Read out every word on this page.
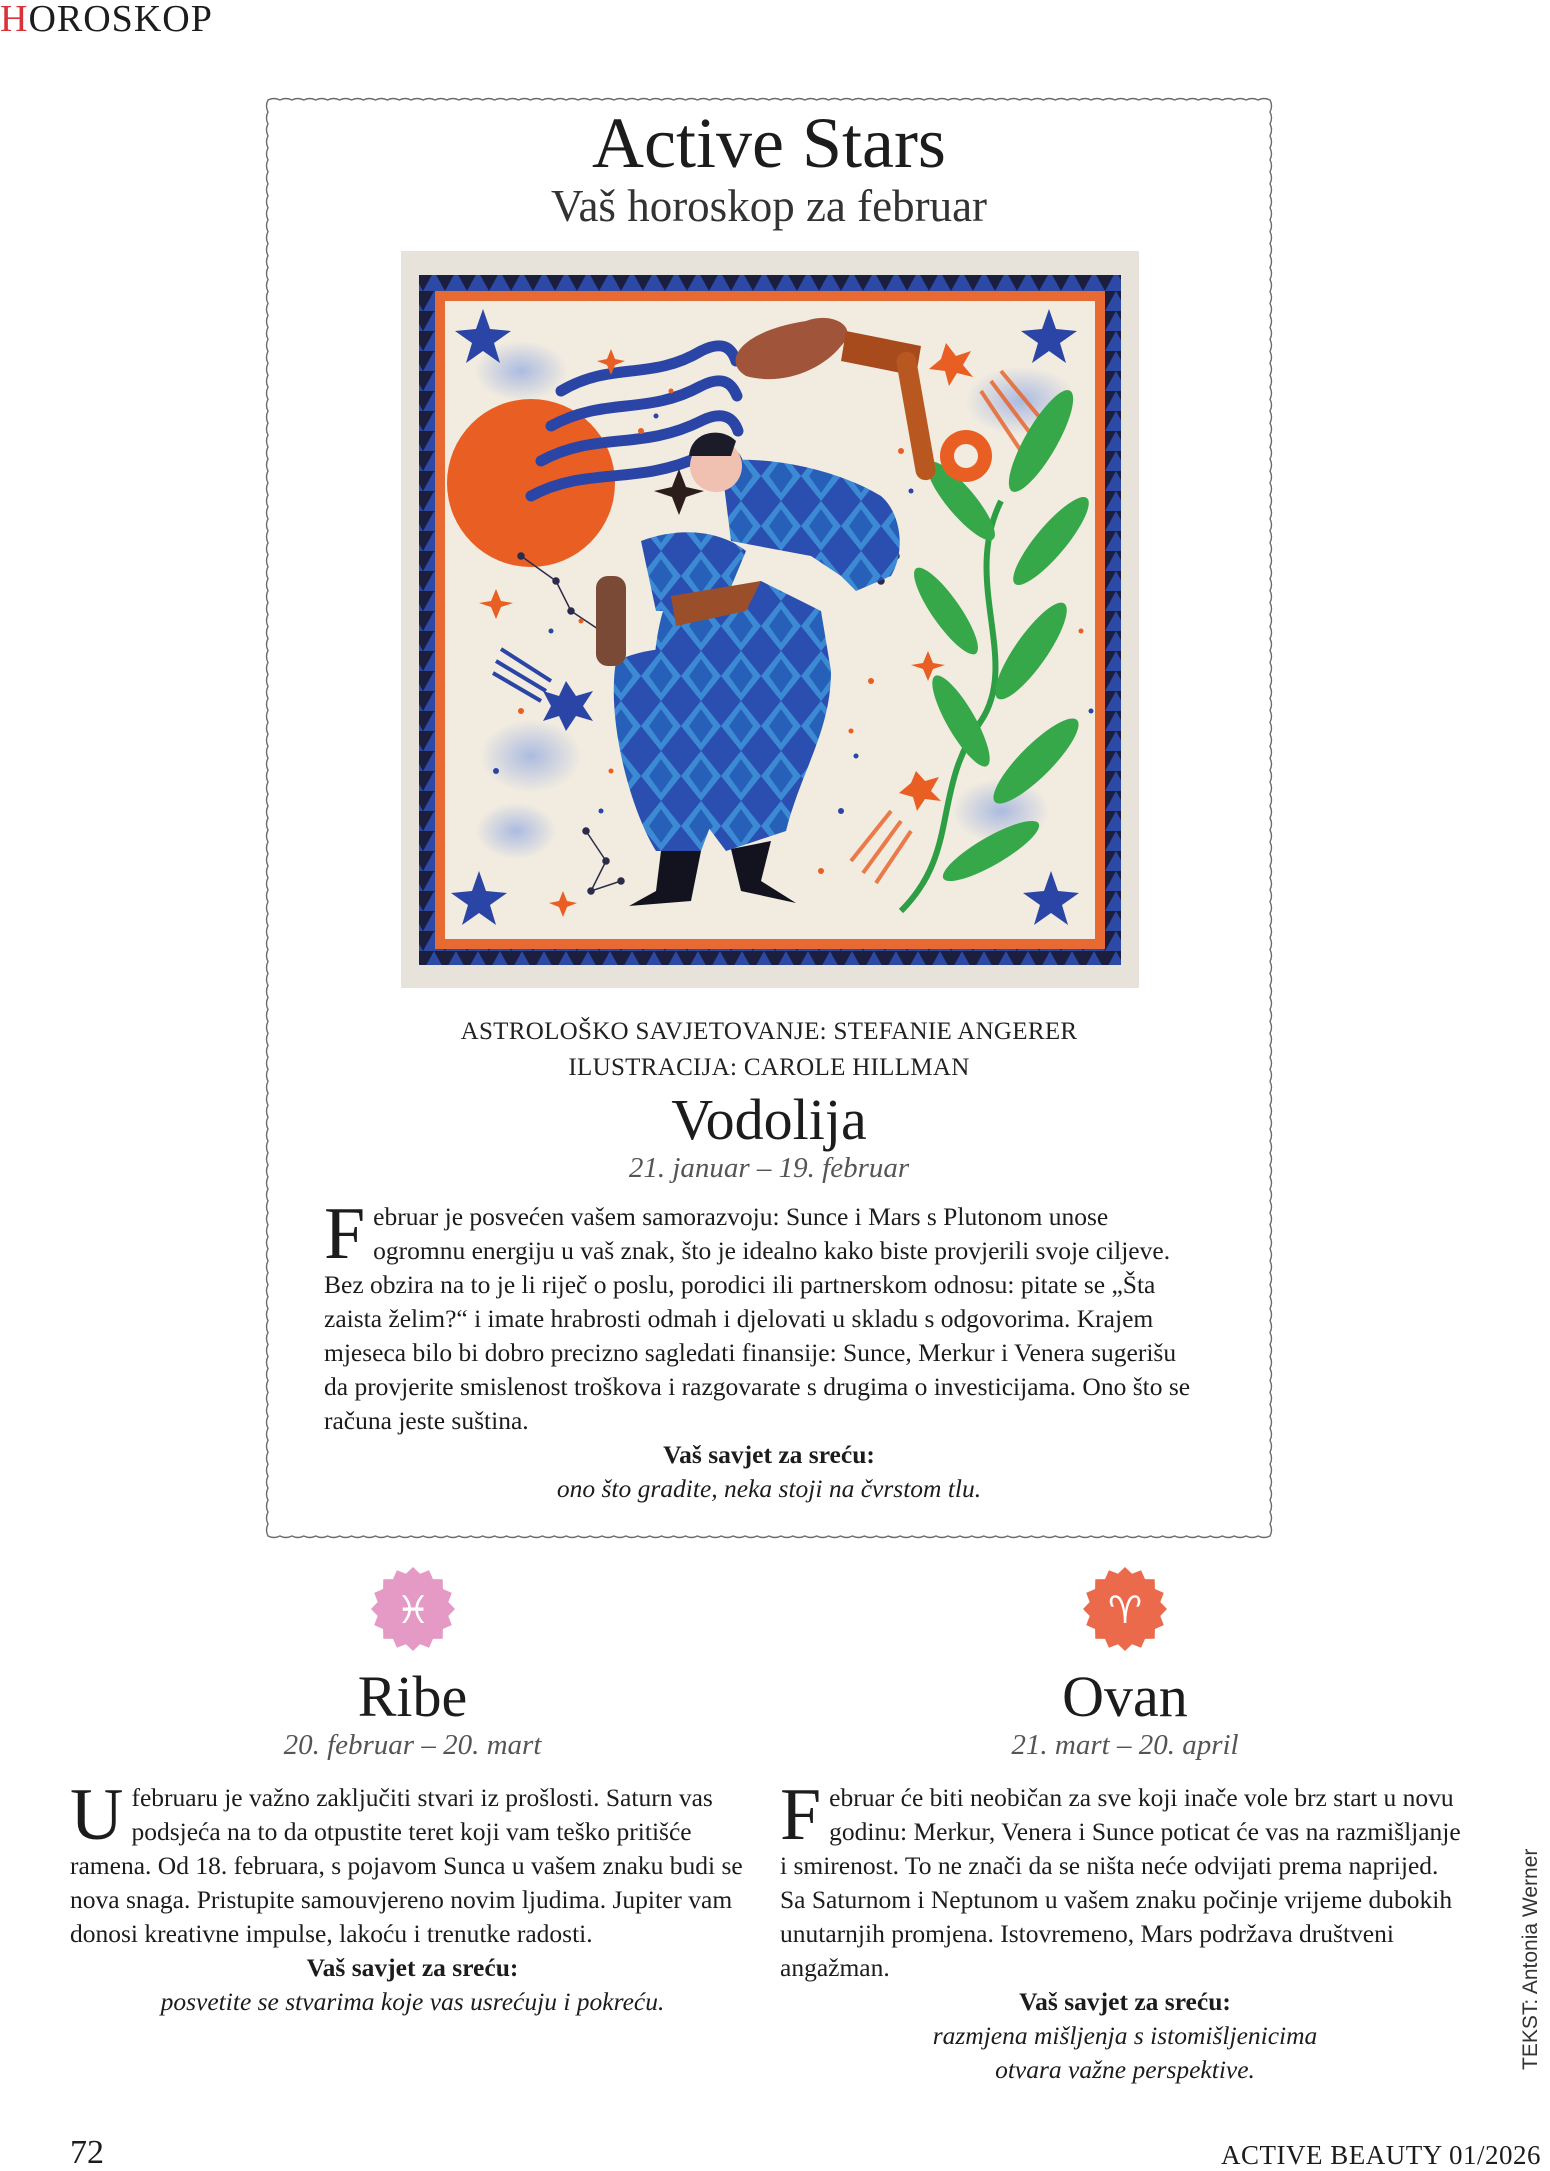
HOROSKOP
Active Stars
Vaš horoskop za februar
ASTROLOŠKO SAVJETOVANJE: STEFANIE ANGERER
ILUSTRACIJA: CAROLE HILLMAN
Vodolija

21. januar – 19. februar

Februar je posvećen vašem samorazvoju: Sunce i Mars s Plutonom unose ogromnu energiju u vaš znak, što je idealno kako biste provjerili svoje ciljeve. Bez obzira na to je li riječ o poslu, porodici ili partnerskom odnosu: pitate se „Šta zaista želim?“ i imate hrabrosti odmah i djelovati u skladu s odgovorima. Krajem mjeseca bilo bi dobro precizno sagledati finansije: Sunce, Merkur i Venera sugerišu da provjerite smislenost troškova i razgovarate s drugima o investicijama. Ono što se računa jeste suština.

Vaš savjet za sreću:

ono što gradite, neka stoji na čvrstom tlu.

♓
Ribe

20. februar – 20. mart

Ufebruaru je važno zaključiti stvari iz prošlosti. Saturn vas podsjeća na to da otpustite teret koji vam teško pritišće ramena. Od 18. februara, s pojavom Sunca u vašem znaku budi se nova snaga. Pristupite samouvjereno novim ljudima. Jupiter vam donosi kreativne impulse, lakoću i trenutke radosti.

Vaš savjet za sreću:

posvetite se stvarima koje vas usrećuju i pokreću.

♈
Ovan

21. mart – 20. april

Februar će biti neobičan za sve koji inače vole brz start u novu godinu: Merkur, Venera i Sunce poticat će vas na razmišljanje i smirenost. To ne znači da se ništa neće odvijati prema naprijed. Sa Saturnom i Neptunom u vašem znaku počinje vrijeme dubokih unutarnjih promjena. Istovremeno, Mars podržava društveni angažman.

Vaš savjet za sreću:

razmjena mišljenja s istomišljenicima otvara važne perspektive.	TEKST: Antonia Werner
72	ACTIVE BEAUTY 01/2026
